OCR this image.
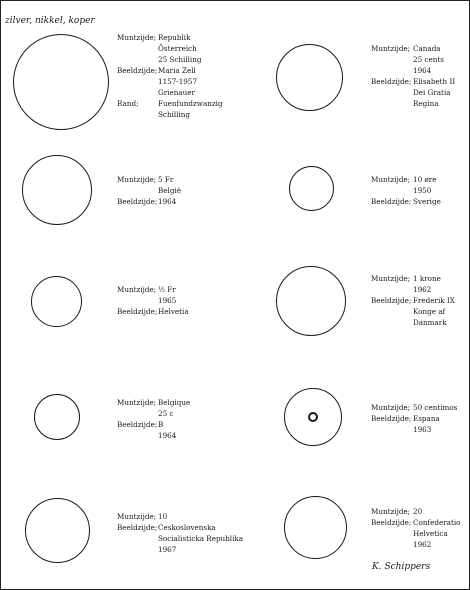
zilver, nikkel, koper
Muntzijde; Republik
Österreich
25 Schilling
Beeldzijde; Maria Zell
1157-1957
Grienauer
Rand;	Fuenfundzwanzig
Schilling
Muntzijde; Canada
25 cents
1964
Beeldzijde; Elisabeth II
Dei Gratia
Regina
Muntzijde; 5 Fr
België
Beeldzijde; 1964
Muntzijde; 10 øre
1950
Beeldzijde; Sverige
Muntzijde; ½ Fr
1965
Beeldzijde; Helvetia
Muntzijde; 1 krone
1962
Beeldzijde; Frederik IX
Konge af
Danmark
Muntzijde; Belgique
25 c
Beeldzijde; B
1964
Muntzijde; 50 centimos
Beeldzijde; Espana
1963
Muntzijde; 10
Beeldzijde; Ceskoslovenska
Socialisticka Republika
1967
Muntzijde; 20
Beeldzijde; Confederatio
Helvetica
1962
K. Schippers
